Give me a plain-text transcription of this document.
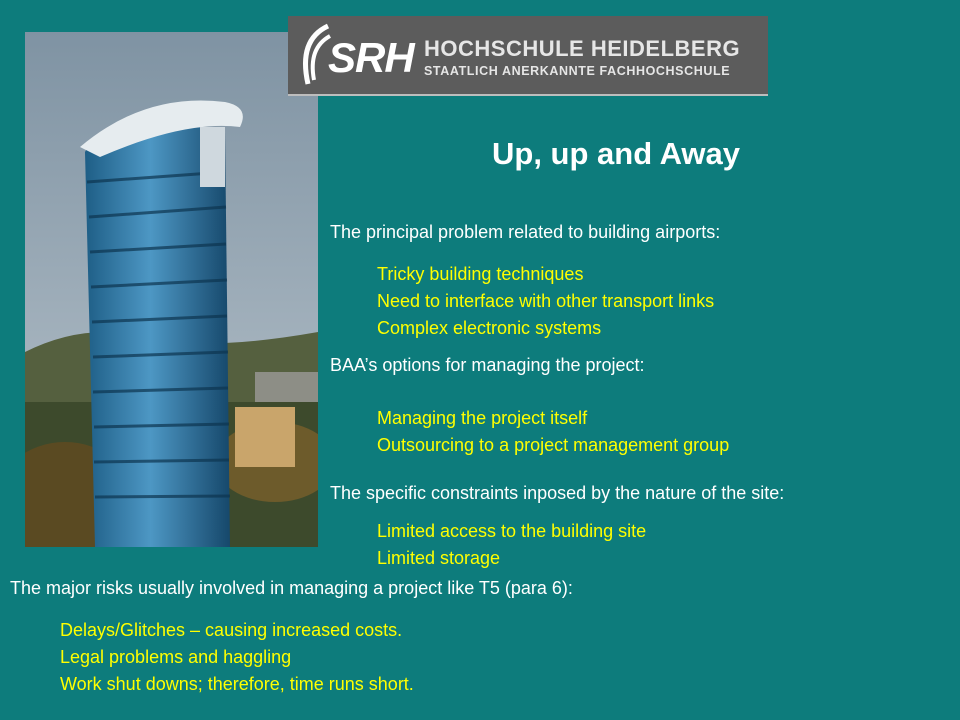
SRH HOCHSCHULE HEIDELBERG
STAATLICH ANERKANNTE FACHHOCHSCHULE
Up, up and Away
The principal problem related to building airports:
Tricky building techniques
Need to interface with other transport links
Complex electronic systems
BAA’s options for managing the project:
Managing the project itself
Outsourcing to a project management group
The specific constraints inposed by the nature of the site:
Limited access to the building site
Limited storage
The major risks usually involved in managing a project like T5 (para 6):
Delays/Glitches – causing increased costs.
Legal problems and haggling
Work shut downs; therefore, time runs short.
